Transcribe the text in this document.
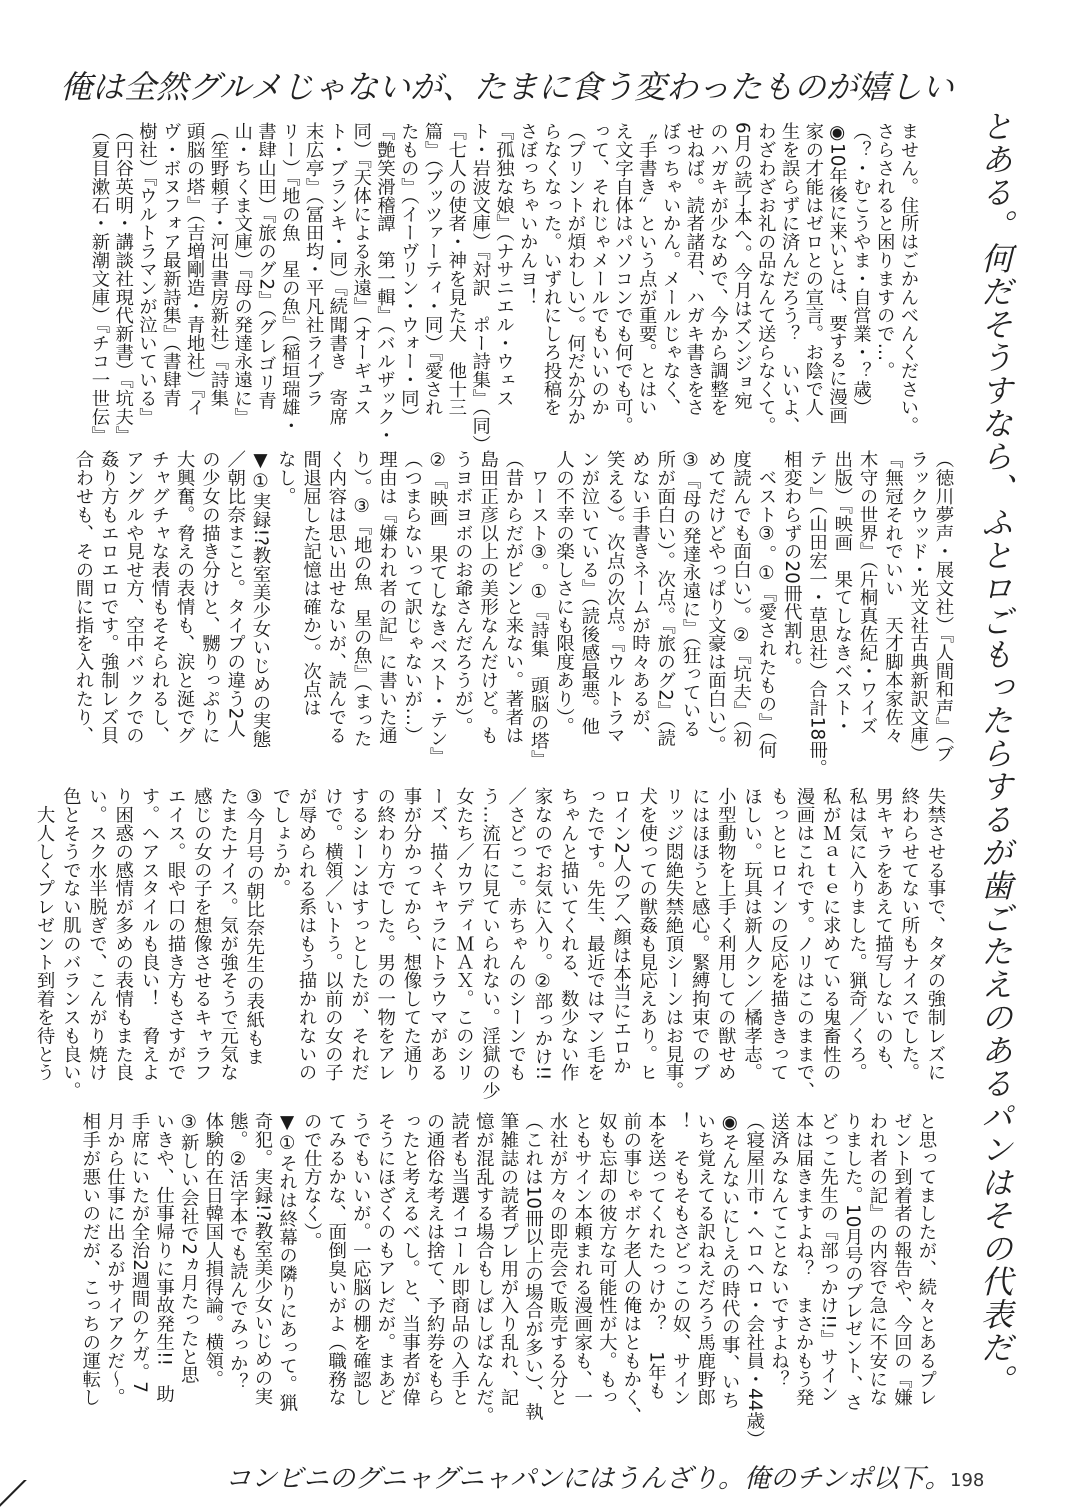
俺は全然グルメじゃないが、たまに食う変わったものが嬉しい
とある。何だそうすなら、ふとロごもったらするが歯ごたえのあるパンはその代表だ。
ません。住所はごかんべんください。
さらされると困りますので…。
（？・むこうやま・自営業・？歳）
◉10年後に来いとは、要するに漫画
家の才能はゼロとの宣言。お陰で人
生を誤らずに済んだろう？　いいよ、
わざわざお礼の品なんて送らなくて。
6月の読了本へ。今月はズンジョ宛
のハガキが少なめで、今から調整を
せねば。読者諸君、ハガキ書きをさ
ぼっちゃいかん。メールじゃなく、
〝手書き〟という点が重要。とはい
え文字自体はパソコンでも何でも可。
って、それじゃメールでもいいのか
（プリントが煩わしい）。何だか分か
らなくなった。いずれにしろ投稿を
さぼっちゃいかんヨ！
『孤独な娘』（ナサニエル・ウェス
ト・岩波文庫）『対訳　ポー詩集』（同）
『七人の使者・神を見た犬　他十三
篇』（ブッツァーティ・同）『愛され
たもの』（イーヴリン・ウォー・同）
『艶笑滑稽譚　第一輯』（バルザック・
同）『天体による永遠』（オーギュス
ト・ブランキ・同）『続聞書き　寄席
末広亭』（冨田均・平凡社ライブラ
リー）『地の魚　星の魚』（稲垣瑞雄・
書肆山田）『旅のグ2』（グレゴリ青
山・ちくま文庫）『母の発達永遠に』
（笙野頼子・河出書房新社）『詩集
頭脳の塔』（吉増剛造・青地社）『イ
ヴ・ボヌフォア最新詩集』（書肆青
樹社）『ウルトラマンが泣いている』
（円谷英明・講談社現代新書）『坑夫』
（夏目漱石・新潮文庫）『チコ一世伝』
（徳川夢声・展文社）『人間和声』（ブ
ラックウッド・光文社古典新訳文庫）
『無冠それでいい　天才脚本家佐々
木守の世界』（片桐真佐紀・ワイズ
出版）『映画　果てしなきベスト・
テン』（山田宏一・草思社）合計18冊。
相変わらずの20冊代割れ。
　ベスト③。①『愛されたもの』（何
度読んでも面白い）。②『坑夫』（初
めてだけどやっぱり文豪は面白い）。
③『母の発達永遠に』（狂っている
所が面白い）。次点。『旅のグ2』（読
めない手書きネームが時々あるが、
笑える）。次点の次点。『ウルトラマ
ンが泣いている』（読後感最悪。他
人の不幸の楽しさにも限度あり）。
　ワースト③。①『詩集　頭脳の塔』
（昔からだがピンと来ない。著者は
島田正彦以上の美形なんだけど。も
うヨボヨボのお爺さんだろうが）。
②『映画　果てしなきベスト・テン』
（つまらないって訳じゃないが…）
理由は『嫌われ者の記』に書いた通
り）。③『地の魚　星の魚』（まった
く内容は思い出せないが、読んでる
間退屈した記憶は確か）。次点は
なし。
▼①実録!?教室美少女いじめの実態
／朝比奈まこと。タイプの違う2人
の少女の描き分けと、嬲りっぷりに
大興奮。脅えの表情も、涙と涎でグ
チャグチャな表情もそそられるし、
アングルや見せ方、空中バックでの
姦り方もエロエロです。強制レズ貝
合わせも、その間に指を入れたり、
失禁させる事で、タダの強制レズに
終わらせてない所もナイスでした。
男キャラをあえて描写しないのも、
私は気に入りました。猟奇／くろ。
私がＭａｔｅに求めている鬼畜性の
漫画はこれです。ノリはこのままで、
もっとヒロインの反応を描ききって
ほしい。玩具は新人クン／橘孝志。
小型動物を上手く利用しての獣せめ
にはほほうと感心。緊縛拘束でのブ
リッジ悶絶失禁絶頂シーンはお見事。
犬を使っての獣姦も見応えあり。ヒ
ロイン2人のアヘ顔は本当にエロか
ったです。先生、最近ではマン毛を
ちゃんと描いてくれる、数少ない作
家なのでお気に入り。②部っかけ!!
／さどっこ。赤ちゃんのシーンでも
う…流石に見ていられない。淫獄の少
女たち／カワディＭＡＸ。このシリ
ーズ、描くキャラにトラウマがある
事が分かってから、想像してた通り
の終わり方でした。男の一物をアレ
するシーンはすっとしたが、それだ
けで。横領／いトう。以前の女の子
が辱められる系はもう描かれないの
でしょうか。
③今月号の朝比奈先生の表紙もま
たまたナイス。気が強そうで元気な
感じの女の子を想像させるキャラフ
エイス。眼や口の描き方もさすがで
す。ヘアスタイルも良い！　脅えよ
り困惑の感情が多めの表情もまた良
い。スク水半脱ぎで、こんがり焼け
色とそうでない肌のバランスも良い。
　大人しくプレゼント到着を待とう
と思ってましたが、続々とあるプレ
ゼント到着者の報告や、今回の『嫌
われ者の記』の内容で急に不安にな
りました。10月号のプレゼント、さ
どっこ先生の『部っかけ!!』サイン
本は届きますよね？　まさかもう発
送済みなんてことないですよね？
（寝屋川市・ヘロヘロ・会社員・44歳）
◉そんないにしえの時代の事、いち
いち覚えてる訳ねえだろう馬鹿野郎
！　そもそもさどっこの奴、サイン
本を送ってくれたっけか？　1年も
前の事じゃボケ老人の俺はともかく、
奴も忘却の彼方な可能性が大。もっ
ともサイン本頼まれる漫画家も、一
水社が方々の即売会で販売する分と
（これは10冊以上の場合が多い）、執
筆雑誌の読者プレ用が入り乱れ、記
憶が混乱する場合もしばしばなんだ。
読者も当選イコール即商品の入手と
の通俗な考えは捨て、予約券をもら
ったと考えるべし。と、当事者が偉
そうにほざくのもアレだが。まあど
うでもいいが。一応脳の棚を確認し
てみるかな、面倒臭いがよ（職務な
ので仕方なく）。
▼①それは終幕の隣りにあって。猟
奇犯。実録!?教室美少女いじめの実
態。②活字本でも読んでみっか？
体験的在日韓国人損得論。横領。
③新しい会社で2ヵ月たったと思
いきや、仕事帰りに事故発生!!　助
手席にいたが全治2週間のケガ。7
月から仕事に出るがサイアクだ～。
相手が悪いのだが、こっちの運転し
コンビニのグニャグニャパンにはうんざり。俺のチンポ以下。 198
